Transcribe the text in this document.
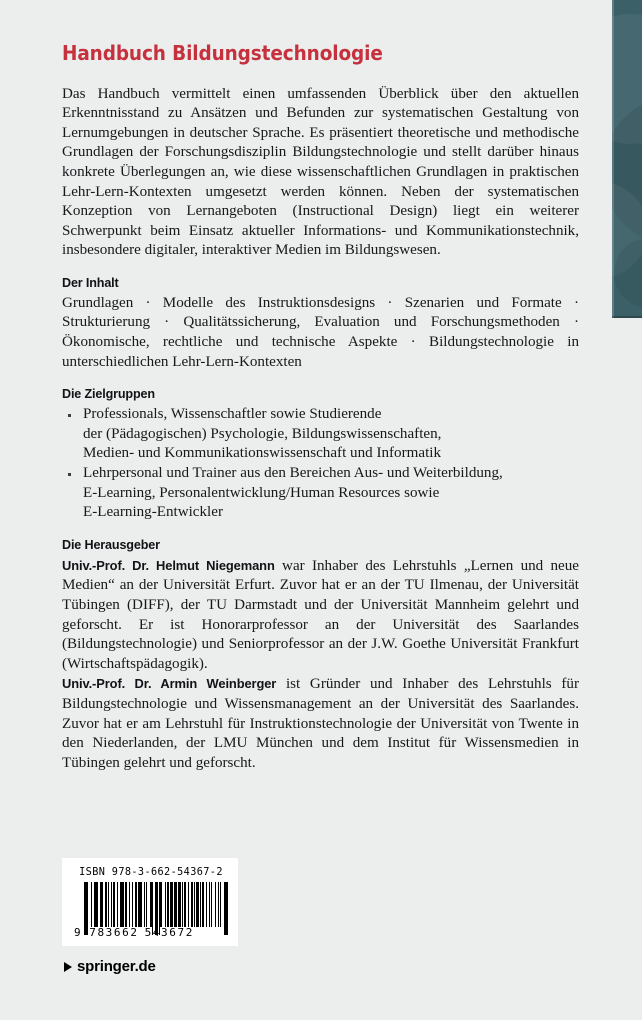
Handbuch Bildungstechnologie

Das Handbuch vermittelt einen umfassenden Überblick über den aktuellen Erkenntnisstand zu Ansätzen und Befunden zur systematischen Gestaltung von Lernumgebungen in deutscher Sprache. Es präsentiert theoretische und methodische Grundlagen der Forschungsdisziplin Bildungstechnologie und stellt darüber hinaus konkrete Überlegungen an, wie diese wissenschaftlichen Grundlagen in praktischen Lehr-Lern-Kontexten umgesetzt werden können. Neben der systematischen Konzeption von Lernangeboten (Instructional Design) liegt ein weiterer Schwerpunkt beim Einsatz aktueller Informations- und Kommunikationstechnik, insbesondere digitaler, interaktiver Medien im Bildungswesen.

Der Inhalt

Grundlagen · Modelle des Instruktionsdesigns · Szenarien und Formate · Strukturierung · Qualitätssicherung, Evaluation und Forschungsmethoden · Ökonomische, rechtliche und technische Aspekte · Bildungstechnologie in unterschiedlichen Lehr-Lern-Kontexten

Die Zielgruppen
Professionals, Wissenschaftler sowie Studierende
der (Pädagogischen) Psychologie, Bildungswissenschaften,
Medien- und Kommunikationswissenschaft und Informatik
Lehrpersonal und Trainer aus den Bereichen Aus- und Weiterbildung,
E-Learning, Personalentwicklung/Human Resources sowie
E-Learning-Entwickler
Die Herausgeber

Univ.-Prof. Dr. Helmut Niegemann war Inhaber des Lehrstuhls „Lernen und neue Medien“ an der Universität Erfurt. Zuvor hat er an der TU Ilmenau, der Universität Tübingen (DIFF), der TU Darmstadt und der Universität Mannheim gelehrt und geforscht. Er ist Honorarprofessor an der Universität des Saarlandes (Bildungstechnologie) und Seniorprofessor an der J.W. Goethe Universität Frankfurt (Wirtschaftspädagogik).

Univ.-Prof. Dr. Armin Weinberger ist Gründer und Inhaber des Lehrstuhls für Bildungstechnologie und Wissensmanagement an der Universität des Saarlandes. Zuvor hat er am Lehrstuhl für Instruktionstechnologie der Universität von Twente in den Niederlanden, der LMU München und dem Institut für Wissensmedien in Tübingen gelehrt und geforscht.

ISBN 978-3-662-54367-2
9 783662 543672
springer.de
